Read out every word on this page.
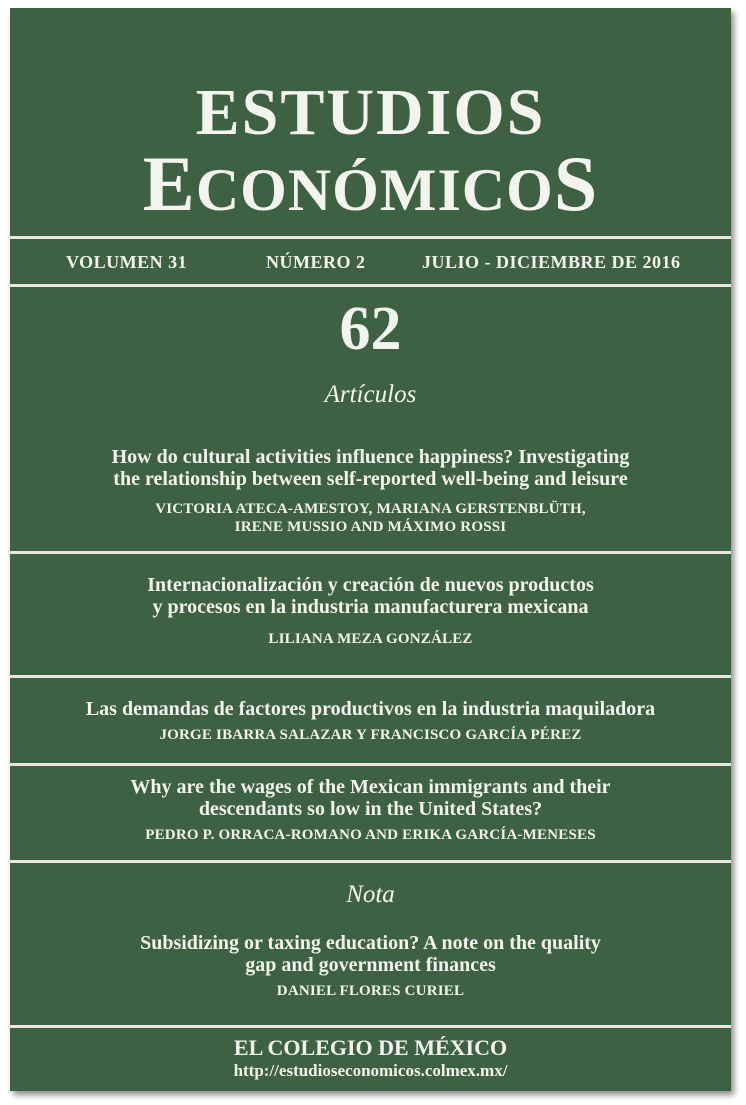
ESTUDIOS
ECONÓMICOS
VOLUMEN 31	NÚMERO 2	JULIO - DICIEMBRE DE 2016
62
Artículos
How do cultural activities influence happiness? Investigating
the relationship between self-reported well-being and leisure
VICTORIA ATECA-AMESTOY, MARIANA GERSTENBLÜTH,
IRENE MUSSIO AND MÁXIMO ROSSI
Internacionalización y creación de nuevos productos
y procesos en la industria manufacturera mexicana
LILIANA MEZA GONZÁLEZ
Las demandas de factores productivos en la industria maquiladora
JORGE IBARRA SALAZAR Y FRANCISCO GARCÍA PÉREZ
Why are the wages of the Mexican immigrants and their
descendants so low in the United States?
PEDRO P. ORRACA-ROMANO AND ERIKA GARCÍA-MENESES
Nota
Subsidizing or taxing education? A note on the quality
gap and government finances
DANIEL FLORES CURIEL
EL COLEGIO DE MÉXICO
http://estudioseconomicos.colmex.mx/
